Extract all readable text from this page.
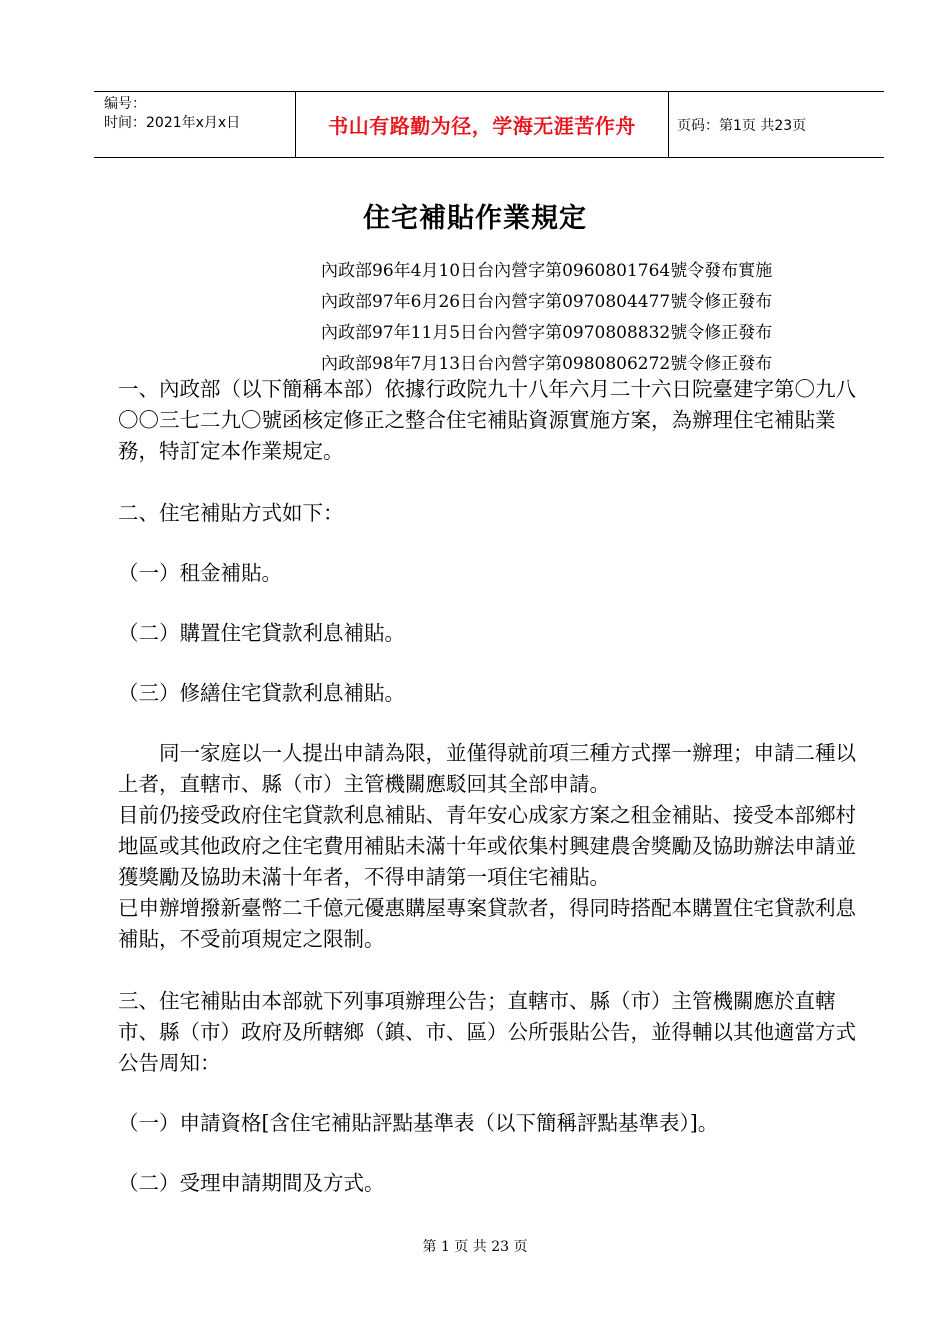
编号：
时间：2021年x月x日	书山有路勤为径，学海无涯苦作舟	页码：第1页 共23页
住宅補貼作業規定
內政部96年4月10日台內營字第0960801764號令發布實施
內政部97年6月26日台內營字第0970804477號令修正發布
內政部97年11月5日台內營字第0970808832號令修正發布
內政部98年7月13日台內營字第0980806272號令修正發布

一、內政部（以下簡稱本部）依據行政院九十八年六月二十六日院臺建字第〇九八〇〇三七二九〇號函核定修正之整合住宅補貼資源實施方案，為辦理住宅補貼業務，特訂定本作業規定。

二、住宅補貼方式如下：

（一）租金補貼。

（二）購置住宅貸款利息補貼。

（三）修繕住宅貸款利息補貼。

同一家庭以一人提出申請為限，並僅得就前項三種方式擇一辦理；申請二種以上者，直轄市、縣（市）主管機關應駁回其全部申請。

目前仍接受政府住宅貸款利息補貼、青年安心成家方案之租金補貼、接受本部鄉村地區或其他政府之住宅費用補貼未滿十年或依集村興建農舍獎勵及協助辦法申請並獲獎勵及協助未滿十年者，不得申請第一項住宅補貼。

已申辦增撥新臺幣二千億元優惠購屋專案貸款者，得同時搭配本購置住宅貸款利息補貼，不受前項規定之限制。

三、住宅補貼由本部就下列事項辦理公告；直轄市、縣（市）主管機關應於直轄市、縣（市）政府及所轄鄉（鎮、市、區）公所張貼公告，並得輔以其他適當方式公告周知：

（一）申請資格[含住宅補貼評點基準表（以下簡稱評點基準表）]。

（二）受理申請期間及方式。

第 1 页 共 23 页
